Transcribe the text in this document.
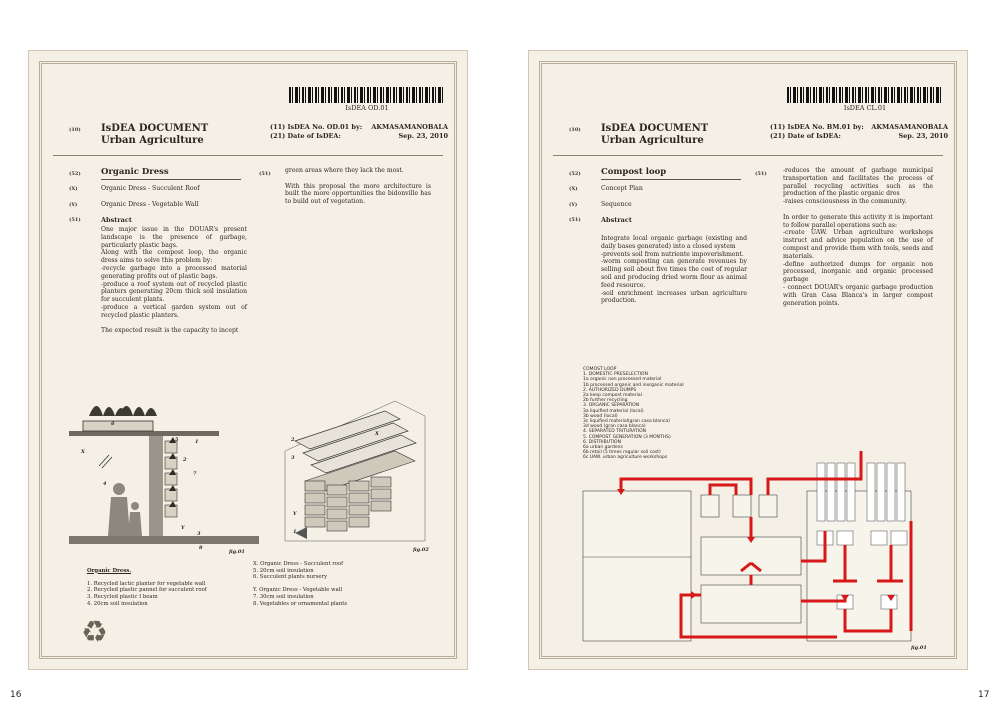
IsDEA OD.01
(10) IsDEA DOCUMENT
Urban Agriculture
(11) IsDEA No. OD.01 by: AKMASAMANOBALA
(21) Date of IsDEA:	Sep. 23, 2010
(52) Organic Dress
(X)	Organic Dress - Succulent Roof
(Y)	Organic Dress - Vegetable Wall
(51)	Abstract
One major issue in the DOUAR's present landscape is the presence of garbage, particularly plastic bags.
Along with the compost loop, the organic dress aims to solve this problem by:
-recycle garbage into a processed material generating profits out of plastic bags.
-produce a roof system out of recycled plastic planters generating 20cm thick soil insulation for succulent plants.
-produce a vertical garden system out of recycled plastic planters.

The expected result is the capacity to incept
(51) green areas where they lack the most.

With this proposal the more architecture is built the more opportunities the bidonville has to build out of vegetation.
6
5	1
X
7
2
4
Y
3
8
fig.01
2
X
3
Y
1
fig.02

Organic Dress.

1. Recycled lactic planter for vegetable wall
2. Recycled plastic pannel for succulent roof
3. Recycled plastic I beam
4. 20cm soil insulation

X. Organic Dress - Succulent roof
5. 20cm soil insulation
6. Succulent plants nursery

Y. Organic Dress - Vegetable wall
7. 30cm soil insulation
8. Vegetables or ornamental plants
♻
16
IsDEA CL.01
(10) IsDEA DOCUMENT
Urban Agriculture
(11) IsDEA No. BM.01 by: AKMASAMANOBALA
(21) Date of IsDEA:	Sep. 23, 2010
(52) Compost loop
(X)	Concept Plan
(Y)	Sequence
(51)	Abstract
Integrate local organic garbage (existing and daily bases generated) into a closed system
-prevents soil from nutriente impoverishment.
-worm composting can generate revenues by selling soil about five times the cost of regular soil and producing dried worm flour as animal feed resource.
-soil enrichment increases urban agriculture production.
(51)	-reduces the amount of garbage municipal transportation and facilitates the process of parallel recycling activities such as the production of the plastic organic dres
-raises consciousness in the community.

In order to generate this activity it is important to follow parallel operations such as:
-create UAW. Urban agriculture workshops instruct and advice population on the use of compost and provide them with tools, seeds and materials.
-define authorized dumps for organic non processed, inorganic and organic processed garbage
- connect DOUAR's organic garbage production with Gran Casa Blanca's in larger compost generation points.
COMOST LOOP
1. DOMESTIC PRESELECTION
1a organic non processed material
1b processed organic and inorganic material
2. AUTHORIZED DUMPS
2a keep compost material
2b further recycling
3. ORGANIC SEPARATION
3a liquified material (local)
3b wood (local)
3c liquified material(gran casa blanca)
3d wood (gran casa blanca)
4. SEPARATED TRITURATION
5. COMPOST GENERATION (3 MONTHS)
6. DISTRIBUTION
6a urban gardens
6b retail (5 times regular soil cost)
6c UAW. urban agriculture workshops
fig.01
17
